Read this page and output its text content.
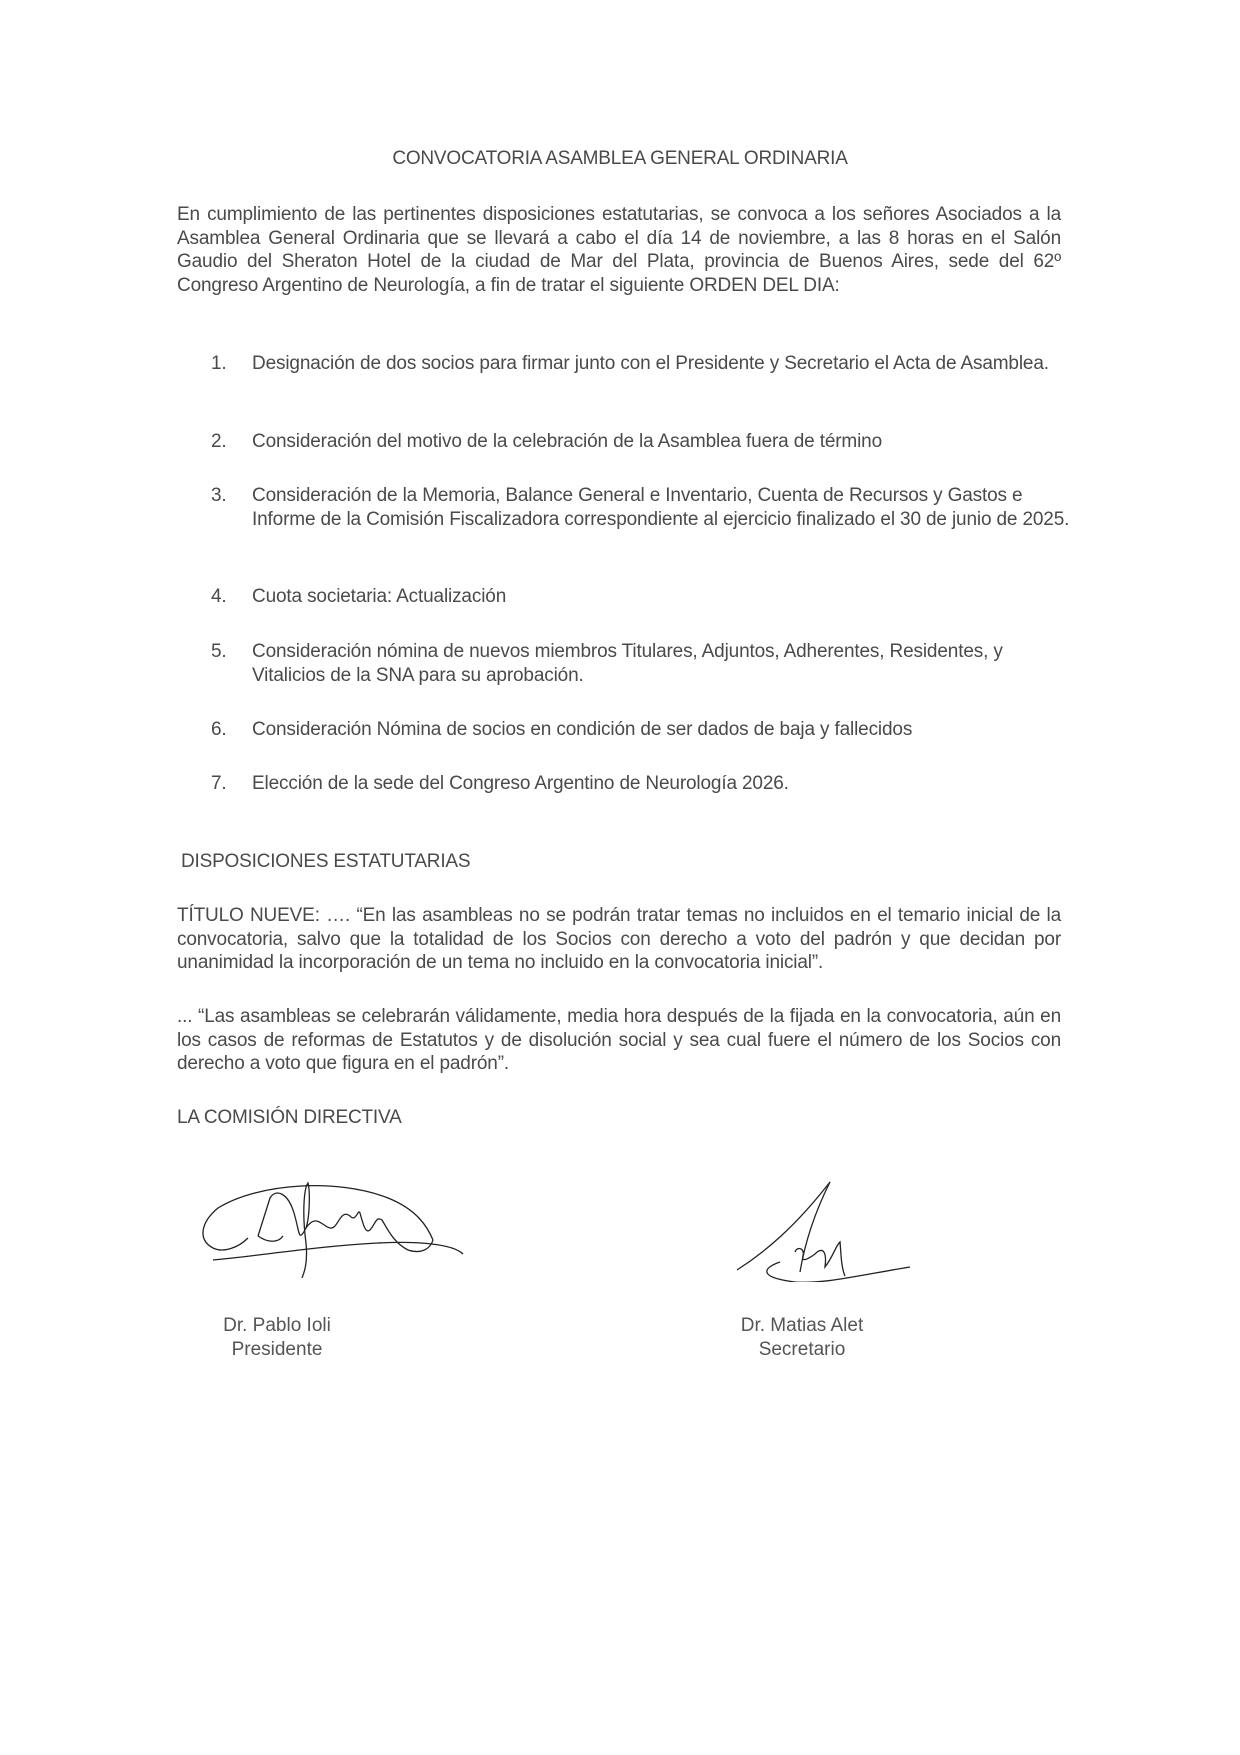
CONVOCATORIA ASAMBLEA GENERAL ORDINARIA
En cumplimiento de las pertinentes disposiciones estatutarias, se convoca a los señores Asociados a la Asamblea General Ordinaria que se llevará a cabo el día 14 de noviembre, a las 8 horas en el Salón Gaudio del Sheraton Hotel de la ciudad de Mar del Plata, provincia de Buenos Aires, sede del 62º Congreso Argentino de Neurología, a fin de tratar el siguiente ORDEN DEL DIA:
1.	Designación de dos socios para firmar junto con el Presidente y Secretario el Acta de Asamblea.
2.	Consideración del motivo de la celebración de la Asamblea fuera de término
3.	Consideración de la Memoria, Balance General e Inventario, Cuenta de Recursos y Gastos e Informe de la Comisión Fiscalizadora correspondiente al ejercicio finalizado el 30 de junio de 2025.
4.	Cuota societaria: Actualización
5.	Consideración nómina de nuevos miembros Titulares, Adjuntos, Adherentes, Residentes, y Vitalicios de la SNA para su aprobación.
6.	Consideración Nómina de socios en condición de ser dados de baja y fallecidos
7.	Elección de la sede del Congreso Argentino de Neurología 2026.
DISPOSICIONES ESTATUTARIAS
TÍTULO NUEVE: …. “En las asambleas no se podrán tratar temas no incluidos en el temario inicial de la convocatoria, salvo que la totalidad de los Socios con derecho a voto del padrón y que decidan por unanimidad la incorporación de un tema no incluido en la convocatoria inicial”.
... “Las asambleas se celebrarán válidamente, media hora después de la fijada en la convocatoria, aún en los casos de reformas de Estatutos y de disolución social y sea cual fuere el número de los Socios con derecho a voto que figura en el padrón”.
LA COMISIÓN DIRECTIVA
Dr. Pablo Ioli
Presidente
Dr. Matias Alet
Secretario
